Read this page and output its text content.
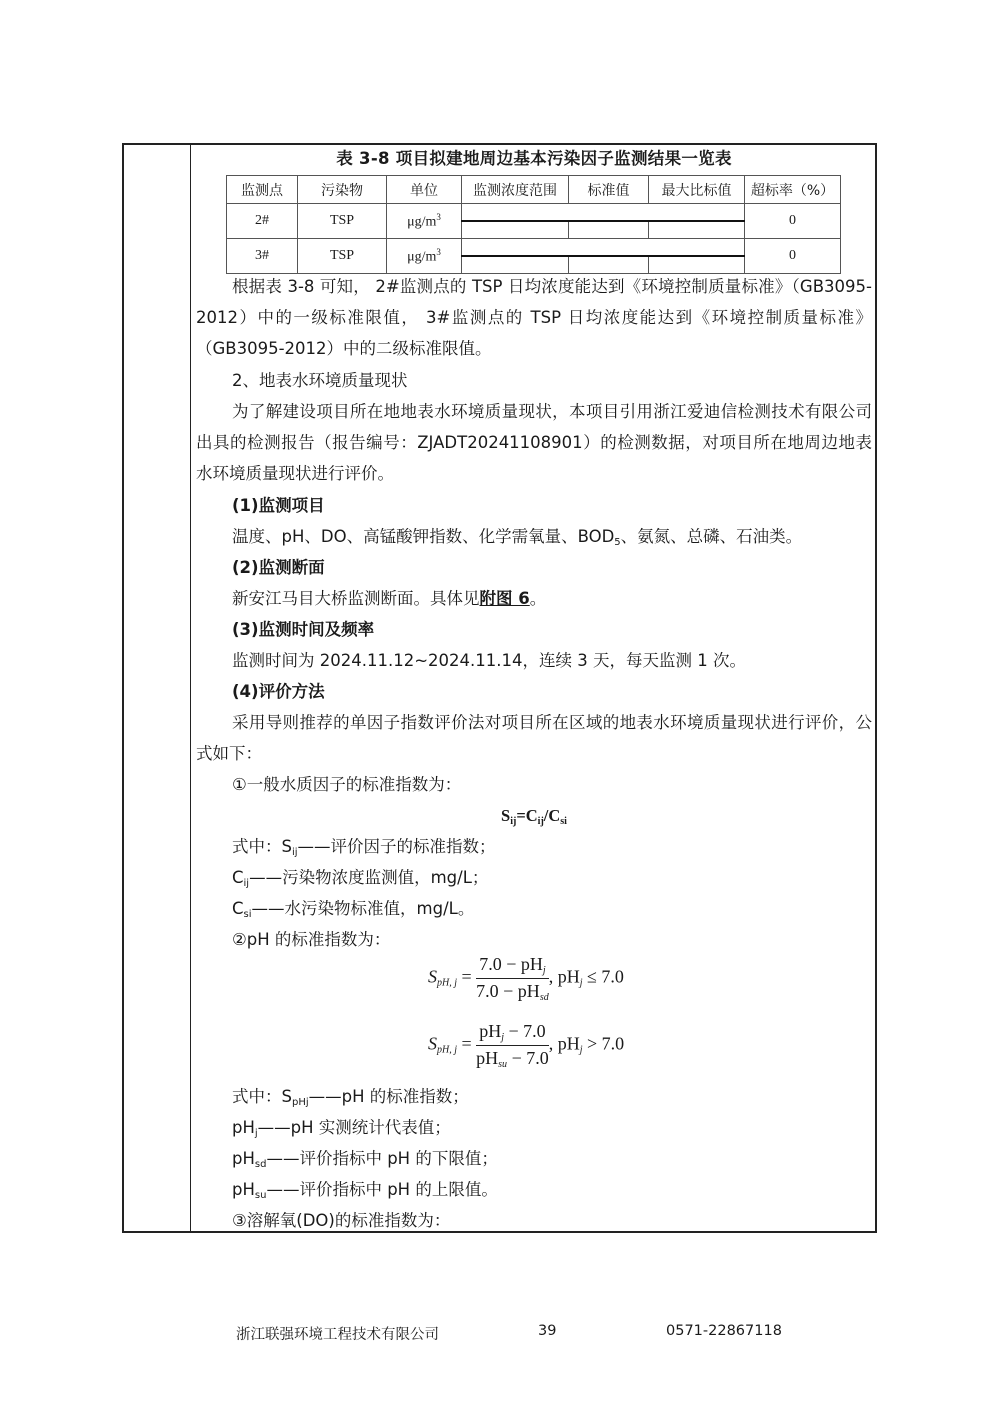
表 3-8 项目拟建地周边基本污染因子监测结果一览表
监测点	污染物	单位	监测浓度范围	标准值	最大比标值	超标率（%）
2#	TSP	$\mu g/m^3$				0

3#	TSP	$\mu g/m^3$				0

根据表 3-8 可知， 2#监测点的 TSP 日均浓度能达到《环境控制质量标准》（GB3095-2012）中的一级标准限值， 3#监测点的 TSP 日均浓度能达到《环境控制质量标准》（GB3095-2012）中的二级标准限值。
2、地表水环境质量现状
为了解建设项目所在地地表水环境质量现状，本项目引用浙江爱迪信检测技术有限公司出具的检测报告（报告编号：ZJADT20241108901）的检测数据，对项目所在地周边地表水环境质量现状进行评价。
(1)监测项目
温度、pH、DO、高锰酸钾指数、化学需氧量、$BOD_5$、氨氮、总磷、石油类。
(2)监测断面
新安江马目大桥监测断面。具体见附图 6。
(3)监测时间及频率
监测时间为 2024.11.12~2024.11.14，连续 3 天，每天监测 1 次。
(4)评价方法
采用导则推荐的单因子指数评价法对项目所在区域的地表水环境质量现状进行评价，公式如下：
①一般水质因子的标准指数为：
$S_{ij}=C_{ij}/C_{si}$
式中：$S_{ij}——$评价因子的标准指数；
$C_{ij}——$污染物浓度监测值，mg/L；
$C_{si}——$水污染物标准值，mg/L。
②pH 的标准指数为：
$S_{pH, j} = \frac{7.0 - pH_j}{7.0 - pH_{sd}}$ , $pH_j \le 7.0$
$S_{pH, j} = \frac{pH_j - 7.0}{pH_{su} - 7.0}$ , $pH_j > 7.0$
式中：$S_{pHj}——pH$ 的标准指数；
$pH_j——pH$ 实测统计代表值；
$pH_{sd}——$评价指标中 pH 的下限值；
$pH_{su}——$评价指标中 pH 的上限值。
③溶解氧(DO)的标准指数为：
浙江联强环境工程技术有限公司	39	0571-22867118
